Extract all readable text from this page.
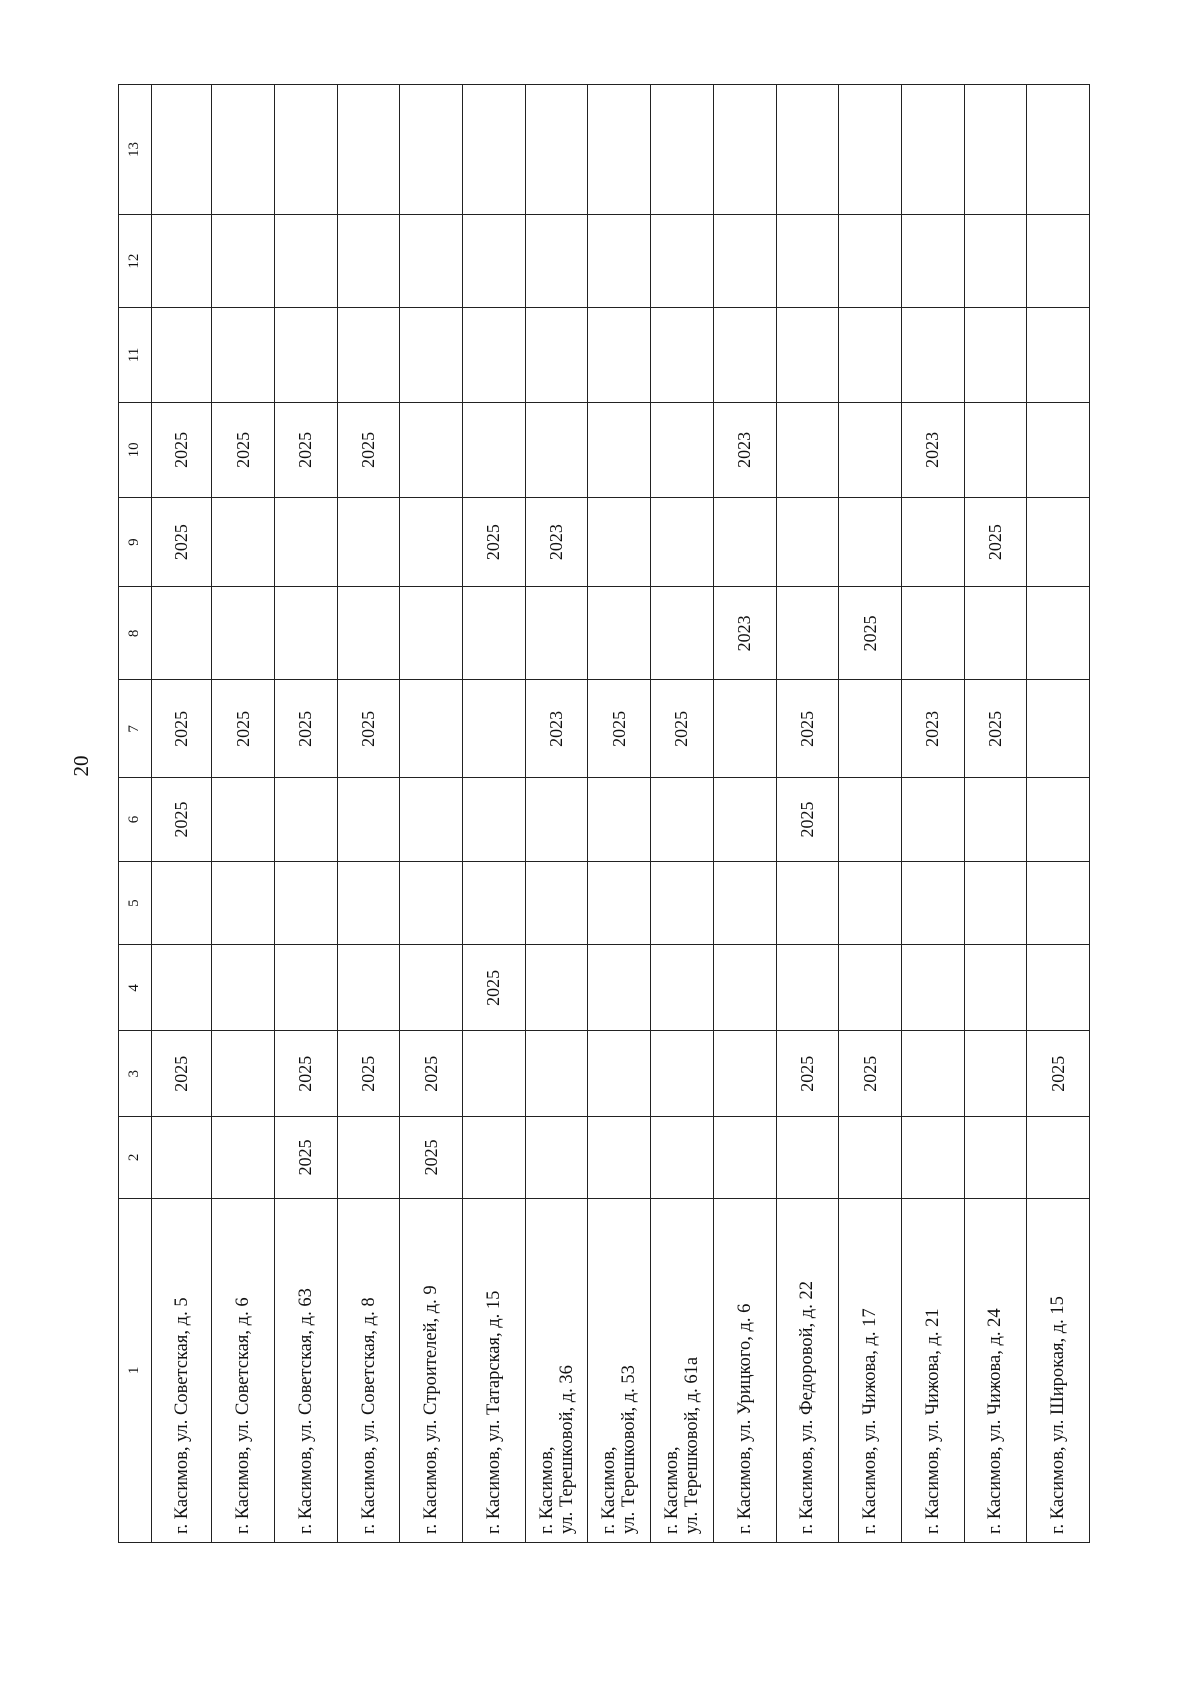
20
1	2	3	4	5	6	7	8	9	10	11	12	13
г. Касимов, ул. Советская, д. 5		2025			2025	2025		2025	2025			
г. Касимов, ул. Советская, д. 6						2025			2025			
г. Касимов, ул. Советская, д. 63	2025	2025				2025			2025			
г. Касимов, ул. Советская, д. 8		2025				2025			2025			
г. Касимов, ул. Строителей, д. 9	2025	2025										
г. Касимов, ул. Татарская, д. 15			2025					2025				
г. Касимов,
ул. Терешковой, д. 36						2023		2023				
г. Касимов,
ул. Терешковой, д. 53						2025						
г. Касимов,
ул. Терешковой, д. 61а						2025						
г. Касимов, ул. Урицкого, д. 6							2023		2023			
г. Касимов, ул. Федоровой, д. 22		2025			2025	2025						
г. Касимов, ул. Чижова, д. 17		2025					2025					
г. Касимов, ул. Чижова, д. 21						2023			2023			
г. Касимов, ул. Чижова, д. 24						2025		2025				
г. Касимов, ул. Широкая, д. 15		2025										
